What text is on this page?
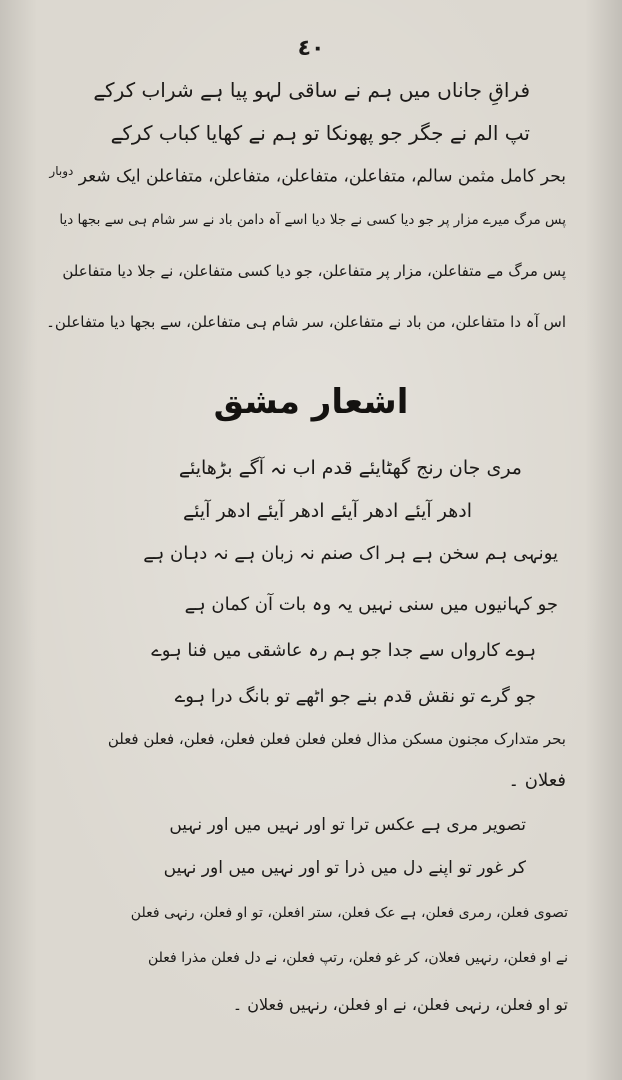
٤٠
فراقِ جاناں میں ہم نے ساقی لہو پیا ہے شراب کرکے
تپ الم نے جگر جو پھونکا تو ہم نے کھایا کباب کرکے
بحر کامل مثمن سالم، متفاعلن، متفاعلن، متفاعلن، متفاعلن ایک شعر $^{دوبار}$
پس مرگ میرے مزار پر جو دیا کسی نے جلا دیا اسے آہ دامن باد نے سر شام ہی سے بجھا دیا
پس مرگ مے متفاعلن، مزار پر متفاعلن، جو دیا کسی متفاعلن، نے جلا دیا متفاعلن
اس آہ دا متفاعلن، من باد نے متفاعلن، سر شام ہی متفاعلن، سے بجھا دیا متفاعلن۔
اشعار مشق
مری جان رنج گھٹایئے قدم اب نہ آگے بڑھایئے
ادھر آیئے ادھر آیئے ادھر آیئے ادھر آیئے
یونہی ہم سخن ہے ہر اک صنم نہ زبان ہے نہ دہان ہے
جو کہانیوں میں سنی نہیں یہ وہ بات آن کمان ہے
ہوے کارواں سے جدا جو ہم رہ عاشقی میں فنا ہوے
جو گرے تو نقش قدم بنے جو اٹھے تو بانگ درا ہوے
بحر متدارک مجنون مسکن مذال فعلن فعلن فعلن فعلن، فعلن، فعلن فعلن
فعلان ۔
تصویر مری ہے عکس ترا تو اور نہیں میں اور نہیں
کر غور تو اپنے دل میں ذرا تو اور نہیں میں اور نہیں
تصوی فعلن، رمری فعلن، ہے عک فعلن، ستر افعلن، تو او فعلن، رنہی فعلن
نے او فعلن، رنہیں فعلان، کر غو فعلن، رتپ فعلن، نے دل فعلن مذرا فعلن
تو او فعلن، رنہی فعلن، نے او فعلن، رنہیں فعلان ۔
